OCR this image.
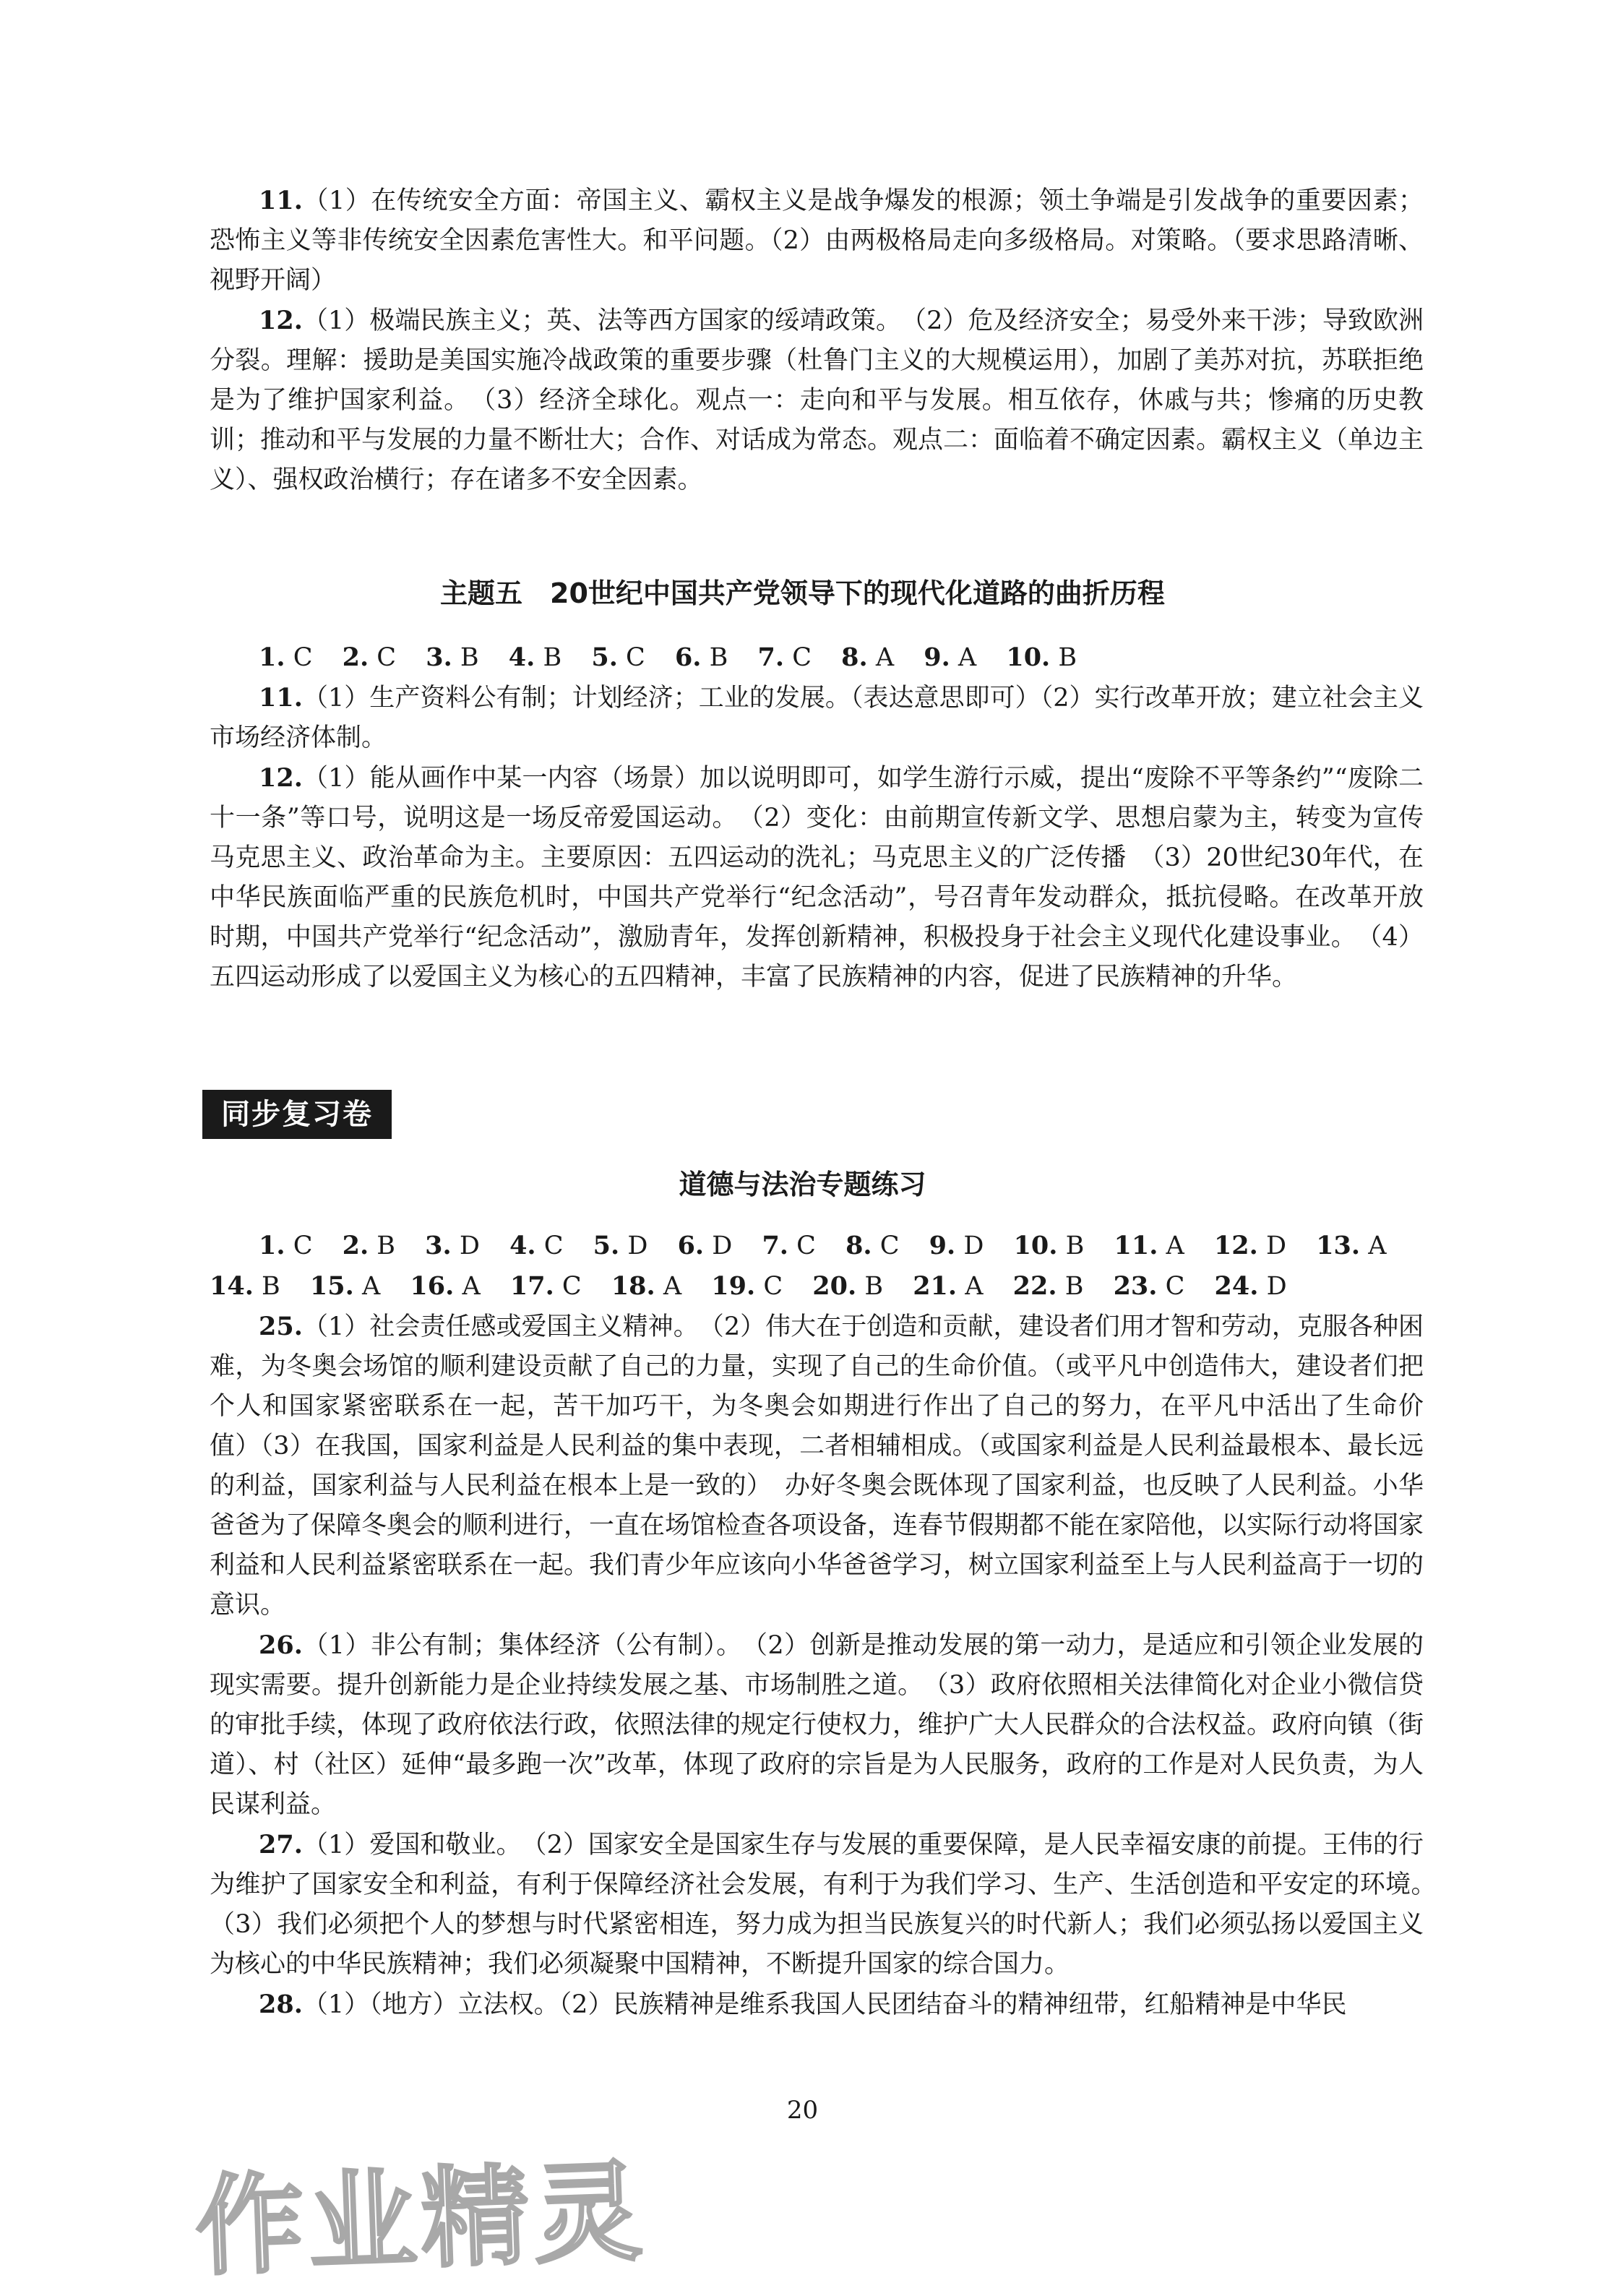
11.（1）在传统安全方面：帝国主义、霸权主义是战争爆发的根源；领土争端是引发战争的重要因素；恐怖主义等非传统安全因素危害性大。和平问题。（2）由两极格局走向多级格局。对策略。（要求思路清晰、视野开阔）

12.（1）极端民族主义；英、法等西方国家的绥靖政策。　（2）危及经济安全；易受外来干涉；导致欧洲分裂。理解：援助是美国实施冷战政策的重要步骤（杜鲁门主义的大规模运用），加剧了美苏对抗，苏联拒绝是为了维护国家利益。　（3）经济全球化。观点一：走向和平与发展。相互依存，休戚与共；惨痛的历史教训；推动和平与发展的力量不断壮大；合作、对话成为常态。观点二：面临着不确定因素。霸权主义（单边主义）、强权政治横行；存在诸多不安全因素。

主题五　20世纪中国共产党领导下的现代化道路的曲折历程

1. C 2. C 3. B 4. B 5. C 6. B 7. C 8. A 9. A 10. B

11.（1）生产资料公有制；计划经济；工业的发展。（表达意思即可）（2）实行改革开放；建立社会主义市场经济体制。

12.（1）能从画作中某一内容（场景）加以说明即可，如学生游行示威，提出“废除不平等条约”“废除二十一条”等口号，说明这是一场反帝爱国运动。　（2）变化：由前期宣传新文学、思想启蒙为主，转变为宣传马克思主义、政治革命为主。主要原因：五四运动的洗礼；马克思主义的广泛传播　（3）20世纪30年代，在中华民族面临严重的民族危机时，中国共产党举行“纪念活动”，号召青年发动群众，抵抗侵略。在改革开放时期，中国共产党举行“纪念活动”，激励青年，发挥创新精神，积极投身于社会主义现代化建设事业。　（4）五四运动形成了以爱国主义为核心的五四精神，丰富了民族精神的内容，促进了民族精神的升华。

同步复习卷
道德与法治专题练习

1. C 2. B 3. D 4. C 5. D 6. D 7. C 8. C 9. D 10. B 11. A 12. D 13. A

14. B 15. A 16. A 17. C 18. A 19. C 20. B 21. A 22. B 23. C 24. D

25.（1）社会责任感或爱国主义精神。　（2）伟大在于创造和贡献，建设者们用才智和劳动，克服各种困难，为冬奥会场馆的顺利建设贡献了自己的力量，实现了自己的生命价值。（或平凡中创造伟大，建设者们把个人和国家紧密联系在一起，苦干加巧干，为冬奥会如期进行作出了自己的努力，在平凡中活出了生命价值）（3）在我国，国家利益是人民利益的集中表现，二者相辅相成。（或国家利益是人民利益最根本、最长远的利益，国家利益与人民利益在根本上是一致的）　办好冬奥会既体现了国家利益，也反映了人民利益。小华爸爸为了保障冬奥会的顺利进行，一直在场馆检查各项设备，连春节假期都不能在家陪他，以实际行动将国家利益和人民利益紧密联系在一起。我们青少年应该向小华爸爸学习，树立国家利益至上与人民利益高于一切的意识。

26.（1）非公有制；集体经济（公有制）。　（2）创新是推动发展的第一动力，是适应和引领企业发展的现实需要。提升创新能力是企业持续发展之基、市场制胜之道。　（3）政府依照相关法律简化对企业小微信贷的审批手续，体现了政府依法行政，依照法律的规定行使权力，维护广大人民群众的合法权益。政府向镇（街道）、村（社区）延伸“最多跑一次”改革，体现了政府的宗旨是为人民服务，政府的工作是对人民负责，为人民谋利益。

27.（1）爱国和敬业。　（2）国家安全是国家生存与发展的重要保障，是人民幸福安康的前提。王伟的行为维护了国家安全和利益，有利于保障经济社会发展，有利于为我们学习、生产、生活创造和平安定的环境。　（3）我们必须把个人的梦想与时代紧密相连，努力成为担当民族复兴的时代新人；我们必须弘扬以爱国主义为核心的中华民族精神；我们必须凝聚中国精神，不断提升国家的综合国力。

28.（1）（地方）立法权。（2）民族精神是维系我国人民团结奋斗的精神纽带，红船精神是中华民

20
作业精灵
